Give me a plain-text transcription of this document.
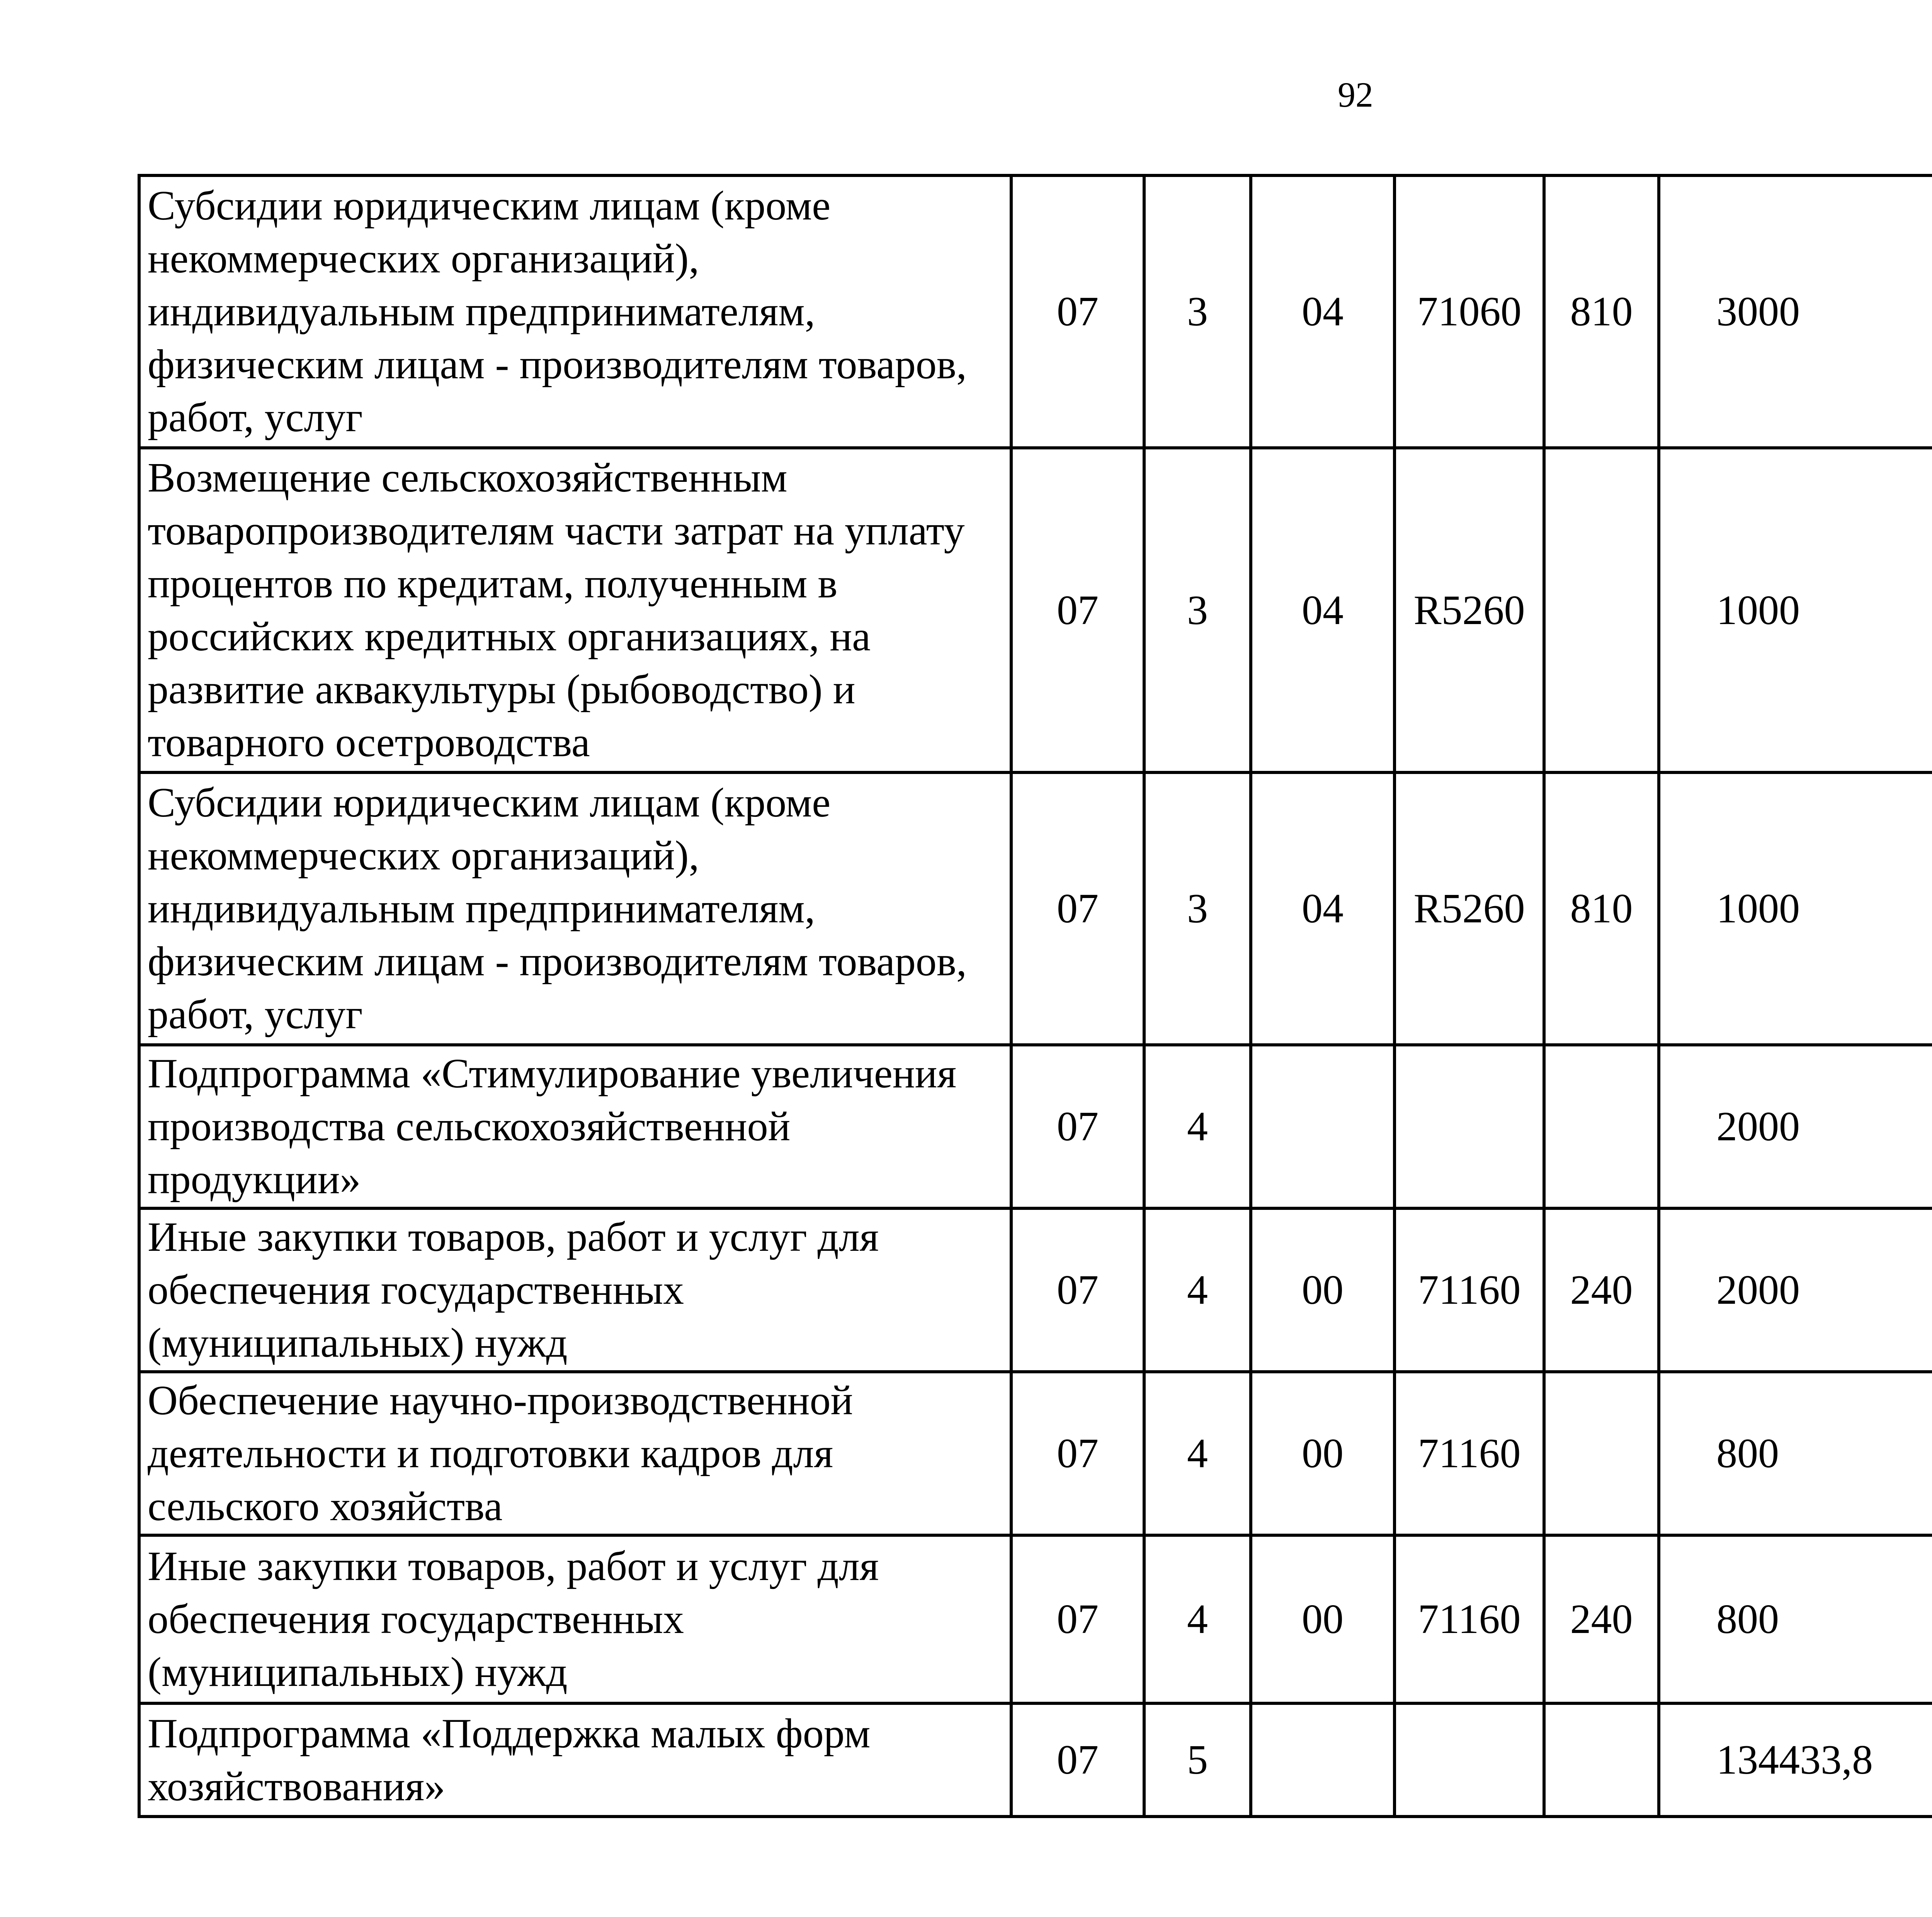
92
Субсидии юридическим лицам (кроме некоммерческих организаций), индивидуальным предпринимателям, физическим лицам - производителям товаров, работ, услуг	07	3	04	71060	810	3000		
Возмещение сельскохозяйственным товаропроизводителям части затрат на уплату процентов по кредитам, полученным в российских кредитных организациях, на развитие аквакультуры (рыбоводство) и товарного осетроводства	07	3	04	R5260		1000		
Субсидии юридическим лицам (кроме некоммерческих организаций), индивидуальным предпринимателям, физическим лицам - производителям товаров, работ, услуг	07	3	04	R5260	810	1000		
Подпрограмма «Стимулирование увеличения производства сельскохозяйственной продукции»	07	4				2000		
Иные закупки товаров, работ и услуг для обеспечения государственных (муниципальных) нужд	07	4	00	71160	240	2000		
Обеспечение научно-производственной деятельности и подготовки кадров для сельского хозяйства	07	4	00	71160		800		
Иные закупки товаров, работ и услуг для обеспечения государственных (муниципальных) нужд	07	4	00	71160	240	800		
Подпрограмма «Поддержка малых форм хозяйствования»	07	5				134433,8		
